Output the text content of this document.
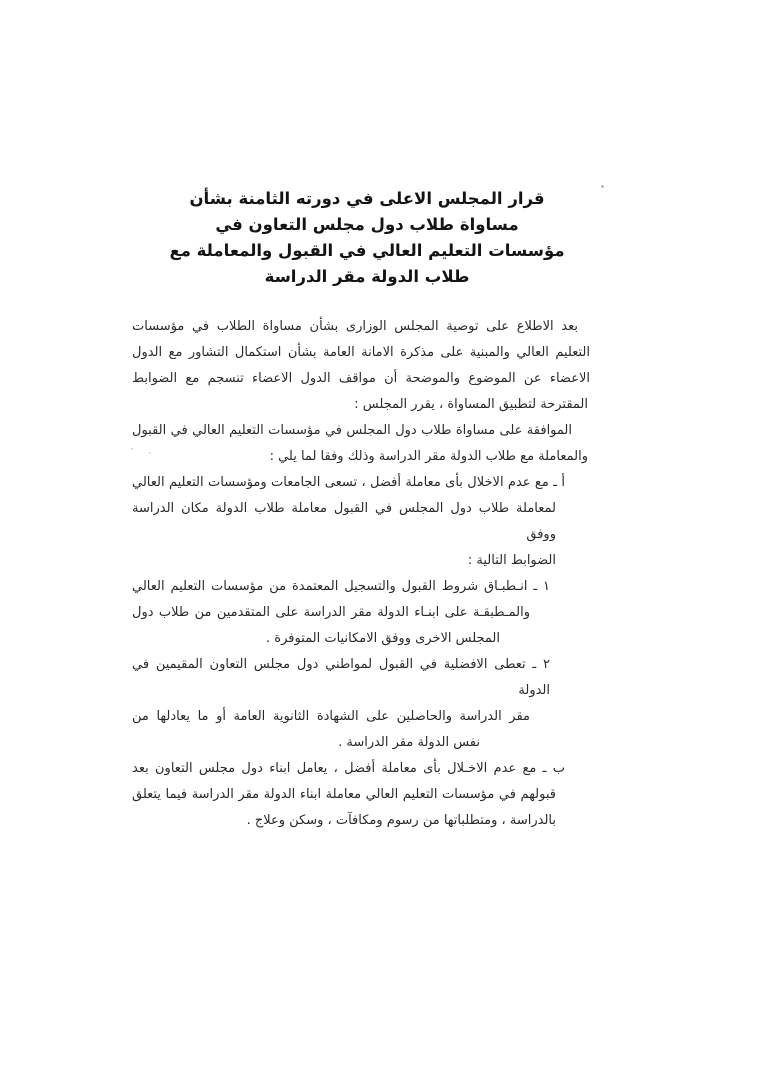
قرار المجلس الاعلى في دورته الثامنة بشأن
مساواة طلاب دول مجلس التعاون في
مؤسسات التعليم العالي في القبول والمعاملة مع
طلاب الدولة مقر الدراسة
بعد الاطلاع على توصية المجلس الوزارى بشأن مساواة الطلاب في مؤسسات
التعليم العالي والمبنية على مذكرة الامانة العامة بشأن استكمال التشاور مع الدول
الاعضاء عن الموضوع والموضحة أن مواقف الدول الاعضاء تنسجم مع الضوابط
المقترحة لتطبيق المساواة ، يقرر المجلس :
الموافقة على مساواة طلاب دول المجلس في مؤسسات التعليم العالي في القبول
والمعاملة مع طلاب الدولة مقر الدراسة وذلك وفقا لما يلي :
أ ـ مع عدم الاخلال بأى معاملة أفضل ، تسعى الجامعات ومؤسسات التعليم العالي
لمعاملة طلاب دول المجلس في القبول معاملة طلاب الدولة مكان الدراسة ووفق
الضوابط التالية :
١ ـ انـطبـاق شروط القبول والتسجيل المعتمدة من مؤسسات التعليم العالي
والمـطبقـة على ابنـاء الدولة مقر الدراسة على المتقدمين من طلاب دول
المجلس الاخرى ووفق الامكانيات المتوفرة .
٢ ـ تعطى الافضلية في القبول لمواطني دول مجلس التعاون المقيمين في الدولة
مقر الدراسة والحاصلين على الشهادة الثانوية العامة أو ما يعادلها من
نفس الدولة مقر الدراسة .
ب ـ مع عدم الاخـلال بأى معاملة أفضل ، يعامل ابناء دول مجلس التعاون بعد
قبولهم في مؤسسات التعليم العالي معاملة ابناء الدولة مقر الدراسة فيما يتعلق
بالدراسة ، ومتطلباتها من رسوم ومكافآت ، وسكن وعلاج .
